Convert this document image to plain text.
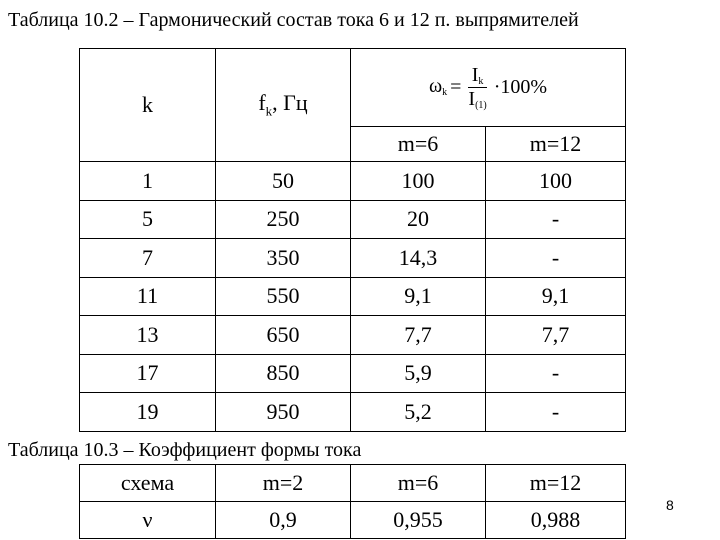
Таблица 10.2 – Гармонический состав тока 6 и 12 п. выпрямителей
k	$f_k$, Гц	$\omega_k = \frac{I_k}{I_{(1)}} \cdot 100\%$	

		m=6	m=12
1	50	100	100
5	250	20	-
7	350	14,3	-
11	550	9,1	9,1
13	650	7,7	7,7
17	850	5,9	-
19	950	5,2	-
Таблица 10.3 – Коэффициент формы тока
схема	m=2	m=6	m=12
ν	0,9	0,955	0,988
8
